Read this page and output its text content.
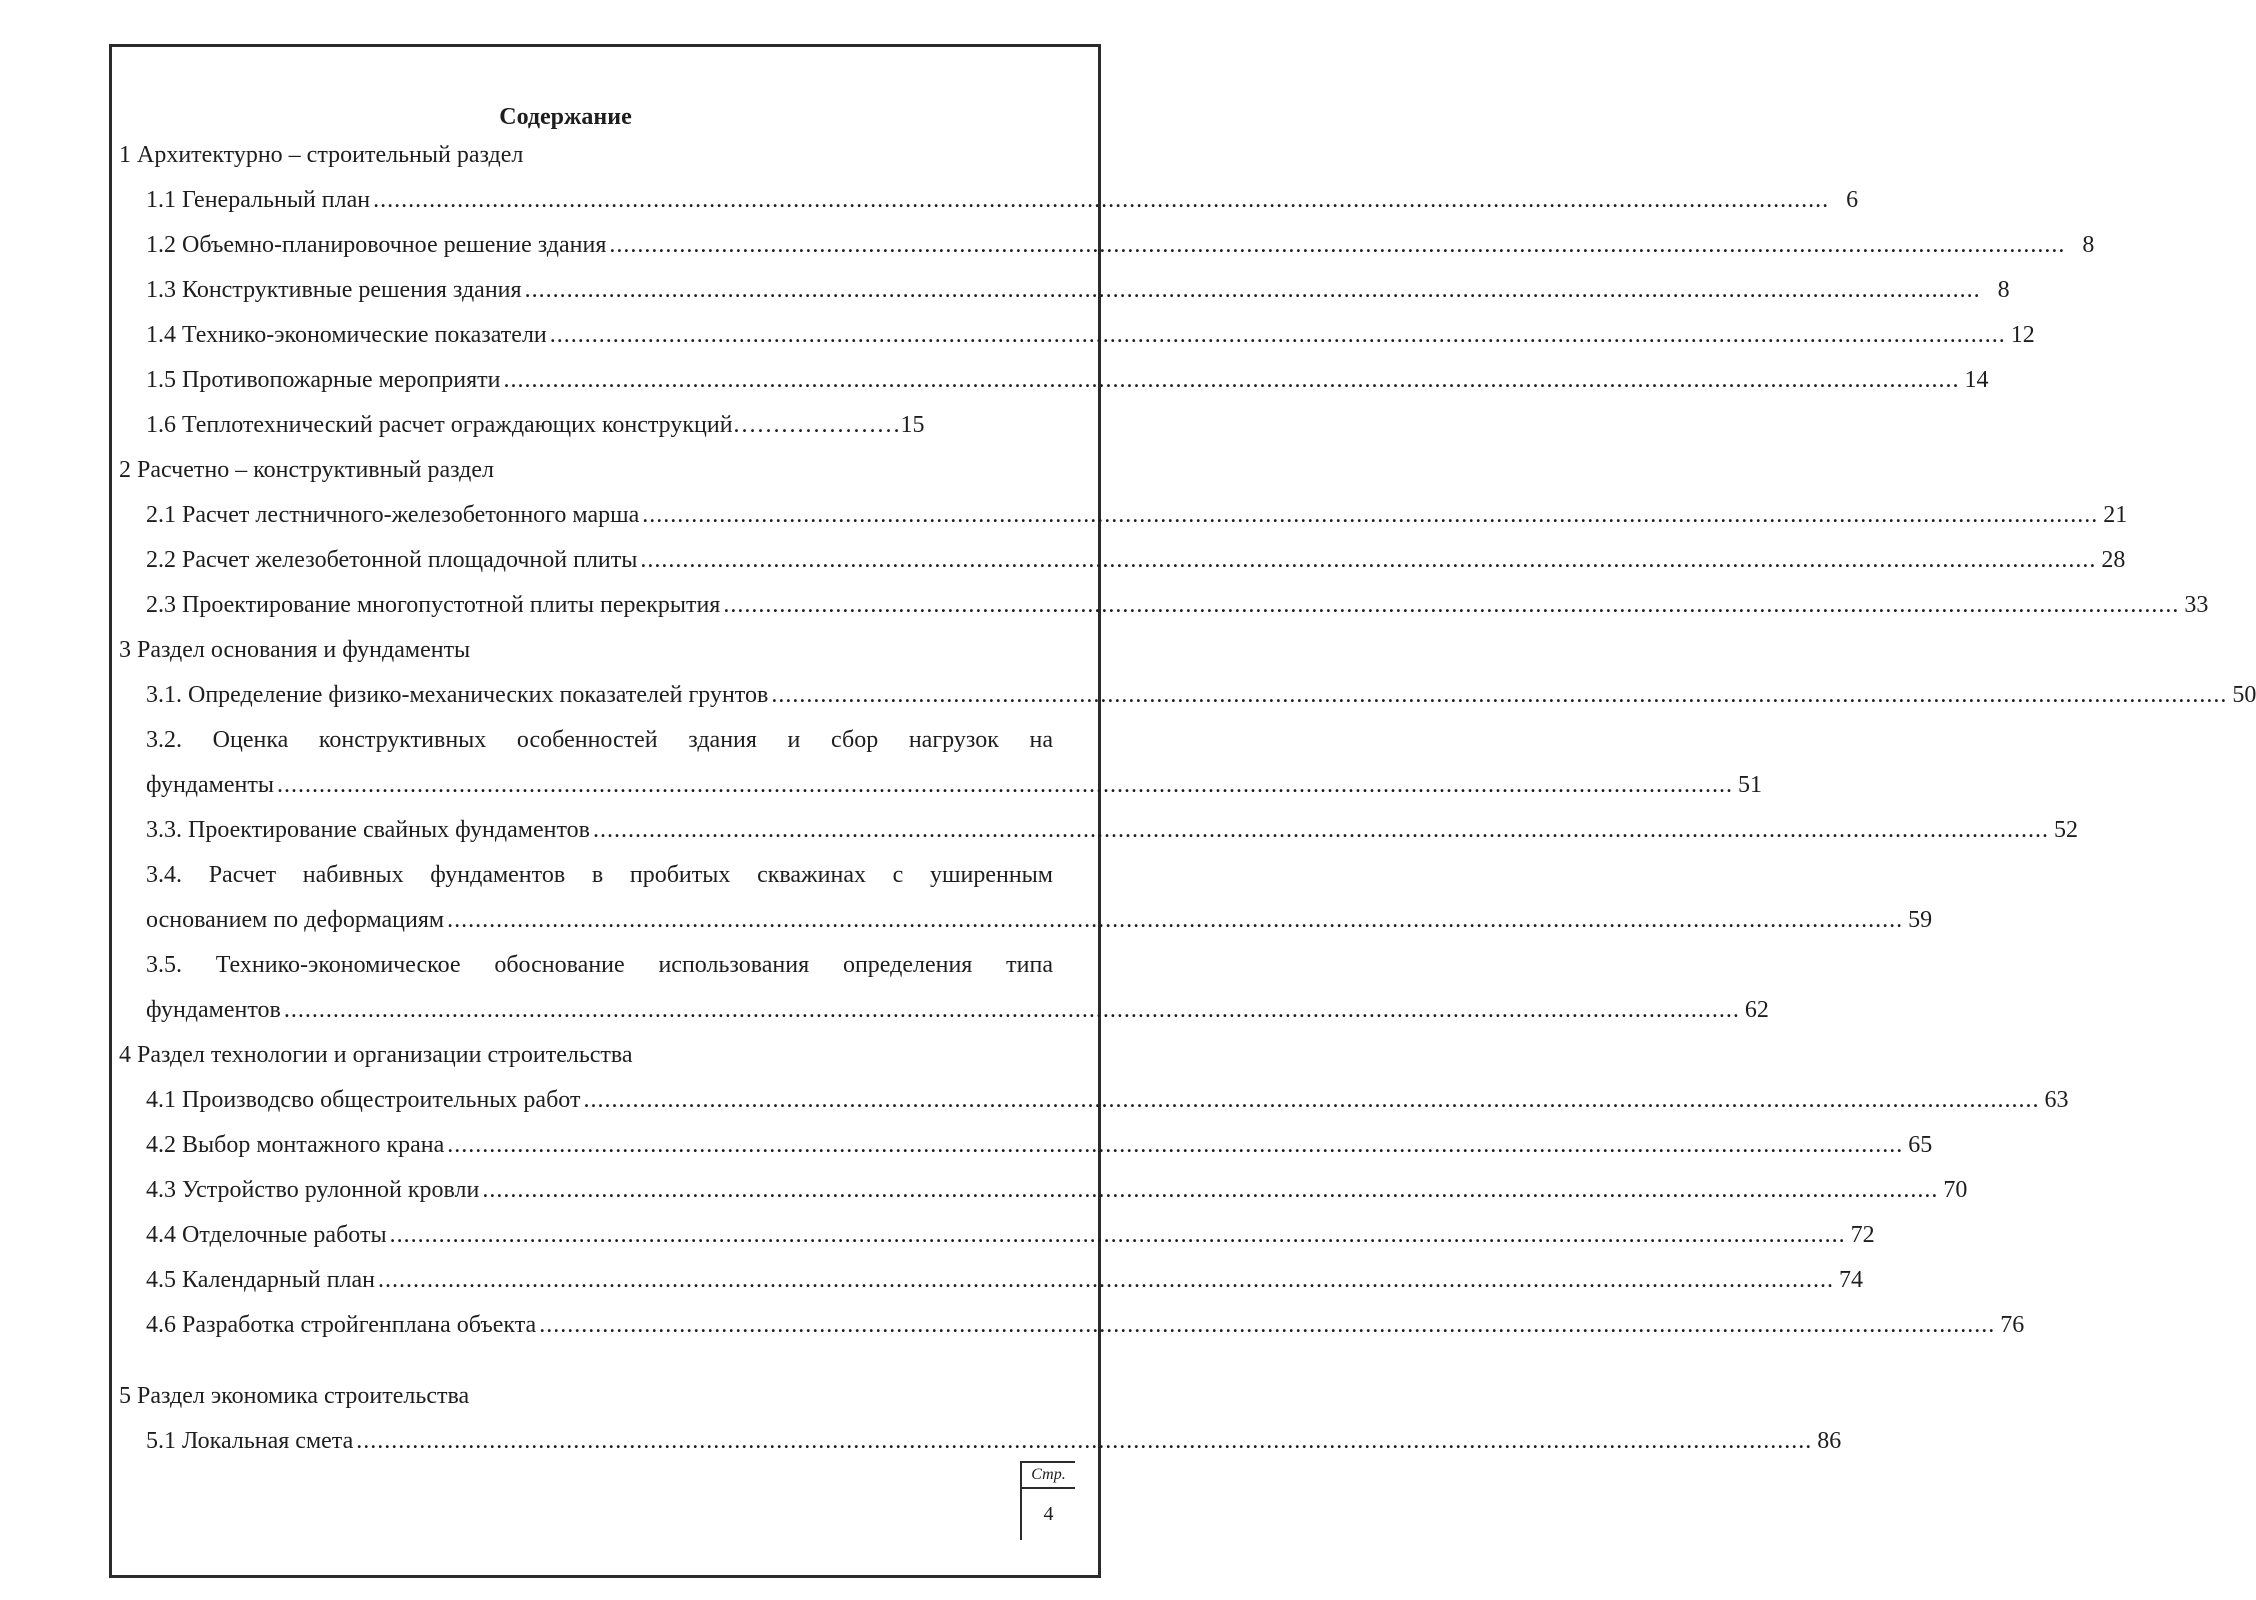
Содержание
1 Архитектурно – строительный раздел
1.1 Генеральный план ................................................................................................................................................................................................................ 6
1.2 Объемно-планировочное решение здания ................................................................................................................................................................................................................ 8
1.3 Конструктивные решения здания ................................................................................................................................................................................................................ 8
1.4 Технико-экономические показатели ................................................................................................................................................................................................................ 12
1.5 Противопожарные мероприяти ................................................................................................................................................................................................................ 14
1.6 Теплотехнический расчет ограждающих конструкций…………………15
2 Расчетно – конструктивный раздел
2.1 Расчет лестничного-железобетонного марша ................................................................................................................................................................................................................ 21
2.2 Расчет железобетонной площадочной плиты ................................................................................................................................................................................................................ 28
2.3 Проектирование многопустотной плиты перекрытия ................................................................................................................................................................................................................ 33
3 Раздел основания и фундаменты
3.1. Определение физико-механических показателей грунтов ................................................................................................................................................................................................................ 50
3.2. Оценка конструктивных особенностей здания и сбор нагрузок на
фундаменты ................................................................................................................................................................................................................ 51
3.3. Проектирование свайных фундаментов ................................................................................................................................................................................................................ 52
3.4. Расчет набивных фундаментов в пробитых скважинах с уширенным
основанием по деформациям ................................................................................................................................................................................................................ 59
3.5. Технико-экономическое обоснование использования определения типа
фундаментов ................................................................................................................................................................................................................ 62
4 Раздел технологии и организации строительства
4.1 Производсво общестроительных работ ................................................................................................................................................................................................................ 63
4.2 Выбор монтажного крана ................................................................................................................................................................................................................ 65
4.3 Устройство рулонной кровли ................................................................................................................................................................................................................ 70
4.4 Отделочные работы ................................................................................................................................................................................................................ 72
4.5 Календарный план ................................................................................................................................................................................................................ 74
4.6 Разработка стройгенплана объекта ................................................................................................................................................................................................................ 76
5 Раздел экономика строительства
5.1 Локальная смета ................................................................................................................................................................................................................ 86
Стр.
4
